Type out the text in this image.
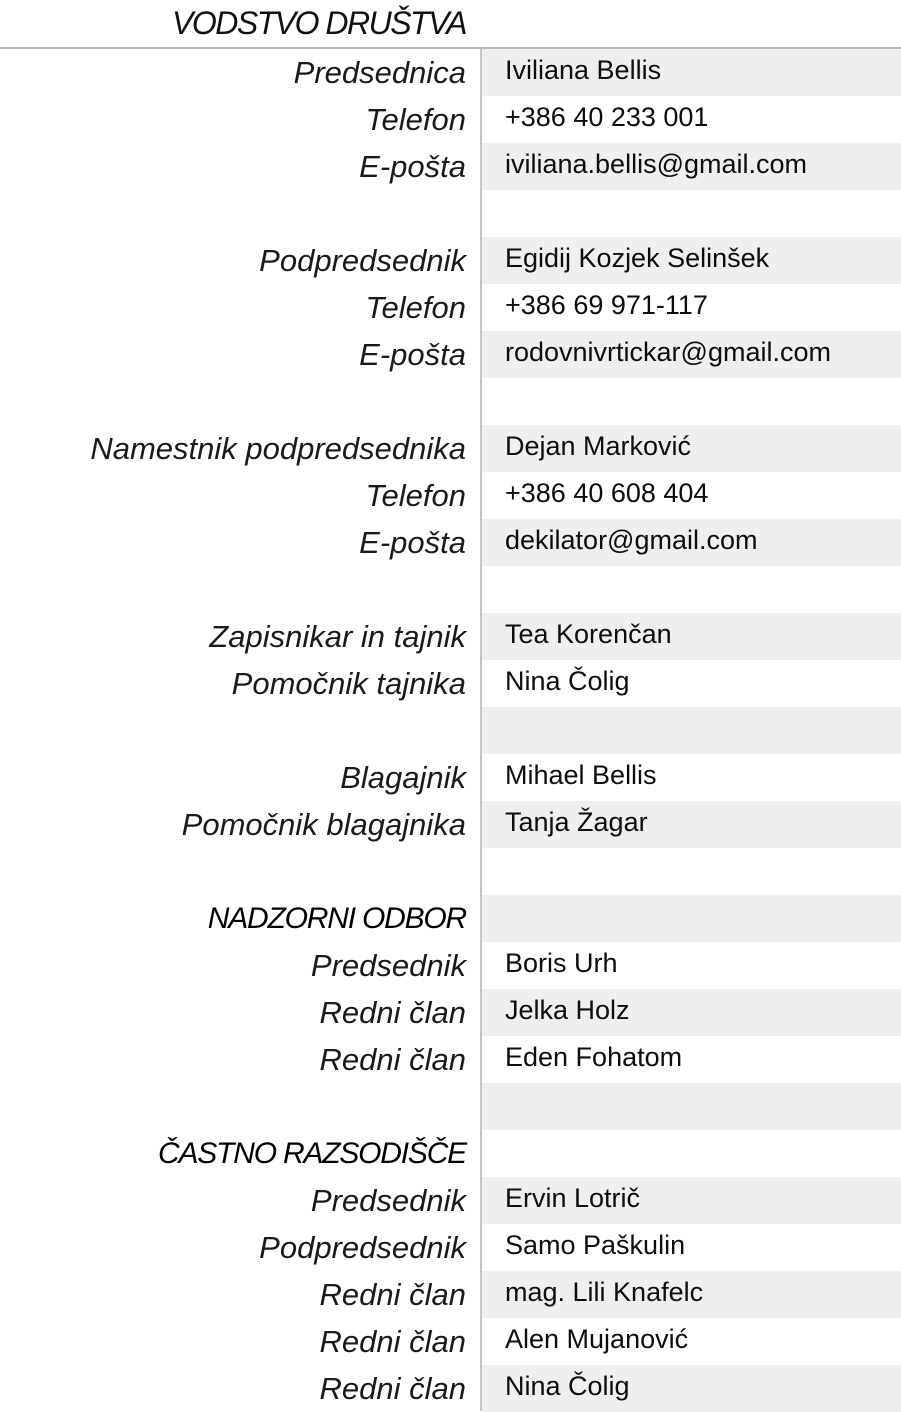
VODSTVO DRUŠTVA
Predsednica	Iviliana Bellis
Telefon	+386 40 233 001
E-pošta	iviliana.bellis@gmail.com
Podpredsednik	Egidij Kozjek Selinšek
Telefon	+386 69 971-117
E-pošta	rodovnivrtickar@gmail.com
Namestnik podpredsednika	Dejan Marković
Telefon	+386 40 608 404
E-pošta	dekilator@gmail.com
Zapisnikar in tajnik	Tea Korenčan
Pomočnik tajnika	Nina Čolig
Blagajnik	Mihael Bellis
Pomočnik blagajnika	Tanja Žagar
NADZORNI ODBOR
Predsednik	Boris Urh
Redni član	Jelka Holz
Redni član	Eden Fohatom
ČASTNO RAZSODIŠČE
Predsednik	Ervin Lotrič
Podpredsednik	Samo Paškulin
Redni član	mag. Lili Knafelc
Redni član	Alen Mujanović
Redni član	Nina Čolig
